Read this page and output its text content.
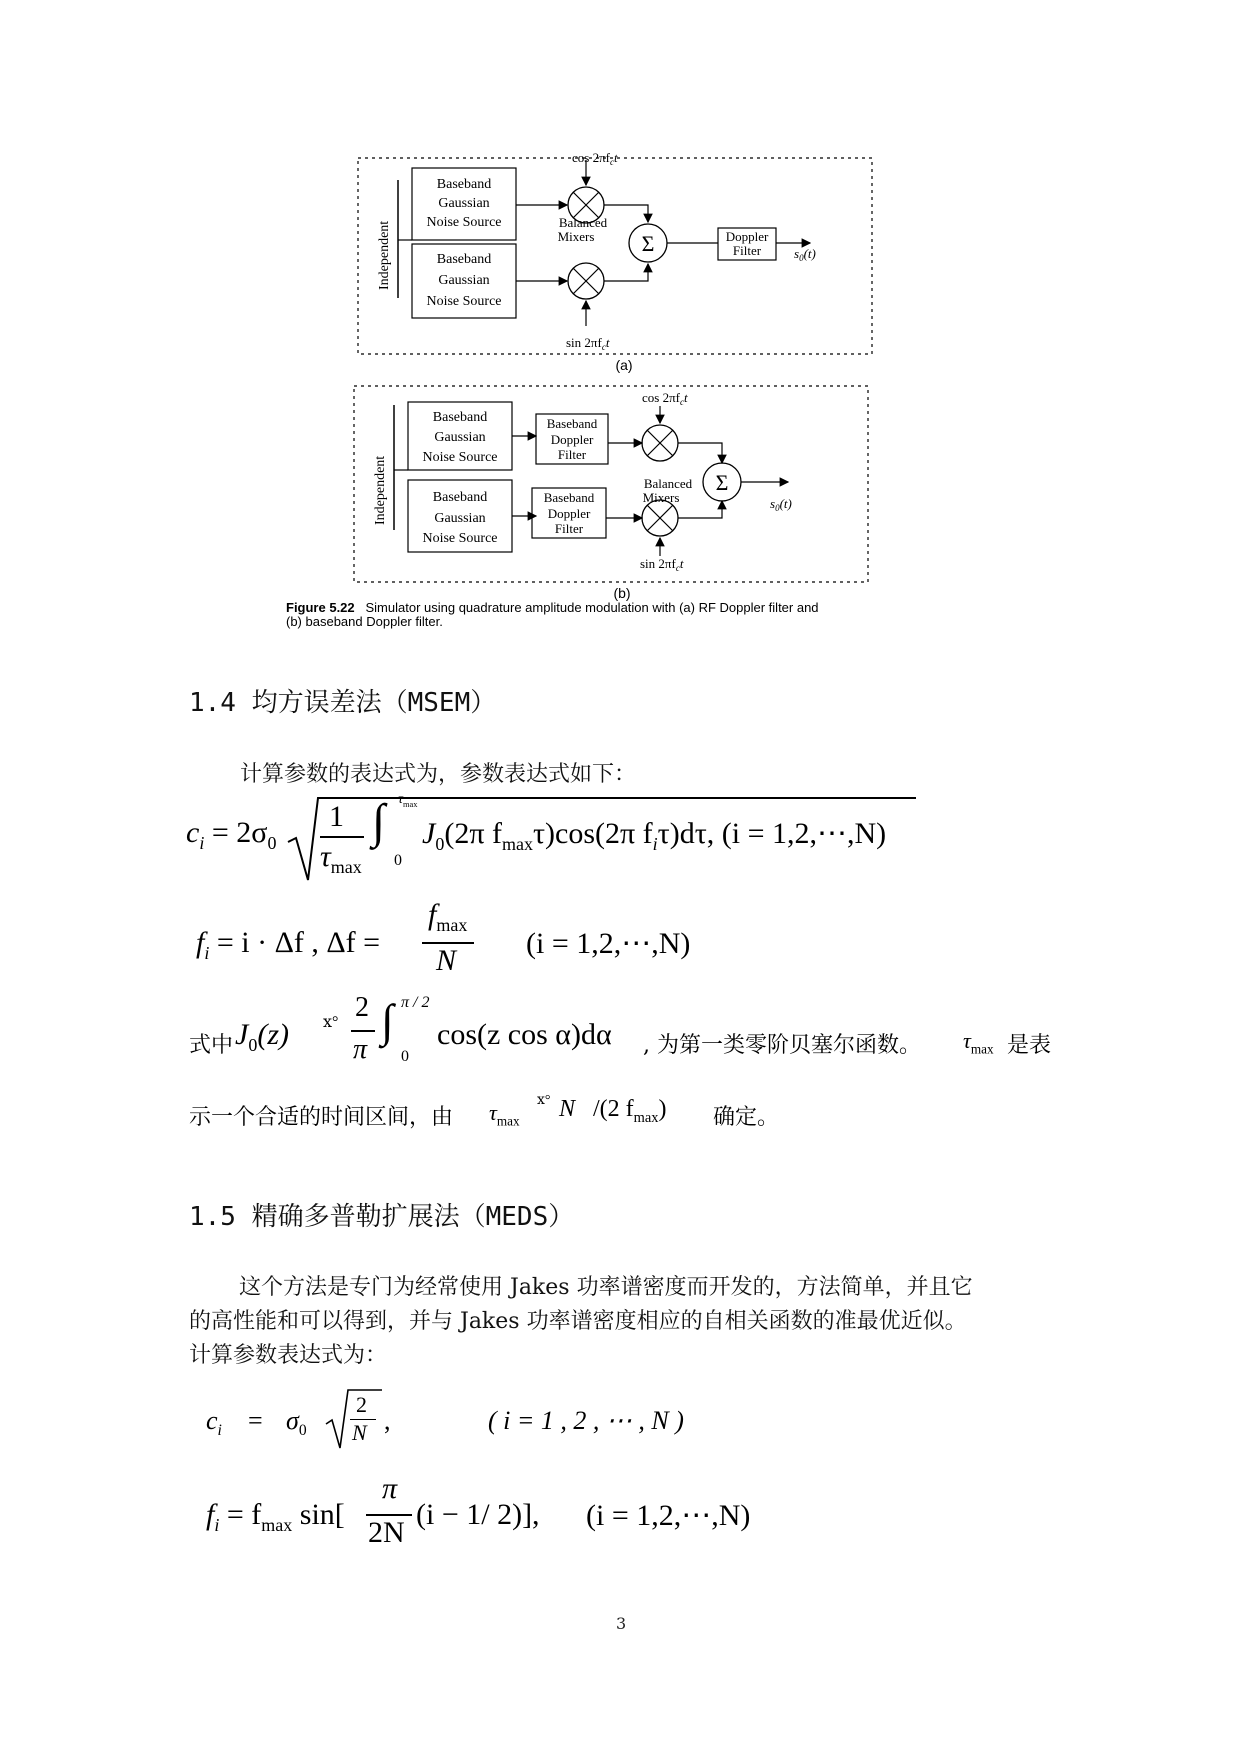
Independent
Baseband
Gaussian
Noise Source
Baseband
Gaussian
Noise Source
$\cos 2\pi f_ct$
$\sin 2\pi f_ct$
Balanced
Mixers Σ	Doppler
Filter	$s_0(t)$
(a)
Independent
Baseband
Gaussian
Noise Source
Baseband
Gaussian
Noise Source
Baseband
Doppler
Filter
Baseband
Doppler
Filter
$\cos 2\pi f_ct$
$\sin 2\pi f_ct$
Balanced
Mixers
Σ
$s_0(t)$
(b)
Figure 5.22 Simulator using quadrature amplitude modulation with (a) RF Doppler filter and
(b) baseband Doppler filter.
1.4 均方误差法（MSEM）
计算参数的表达式为，参数表达式如下：
$c_i = 2\sigma_0$
1
$\tau_{max}$
∫ $\tau_{max}$
0
$J_0(2\pi$ $f_{max}\tau)\cos(2\pi$ $f_i\tau)d\tau$, (i = 1,2,⋯,N)
$f_i = i \cdot \Delta f$ , Δf =
$f_{max}$
N
(i = 1,2,⋯,N)
式中 $J_0(z)$ ⅹ° 2
π
∫ π / 2
0
cos(z cos α)dα , 为第一类零阶贝塞尔函数。 $\tau_{max}$ 是表
示一个合适的时间区间，由 $\tau_{max}$
ⅹ° N /(2 $f_{max}$) 确定。
1.5 精确多普勒扩展法（MEDS）
这个方法是专门为经常使用 Jakes 功率谱密度而开发的，方法简单，并且它
的高性能和可以得到，并与 Jakes 功率谱密度相应的自相关函数的准最优近似。
计算参数表达式为：
$c_i = \sigma_0$
2
N ,	( i = 1 , 2 , ⋯ , N )
$f_i = f_{max}$ sin[
π
2N
(i − 1/ 2)], (i = 1,2,⋯,N)
3
